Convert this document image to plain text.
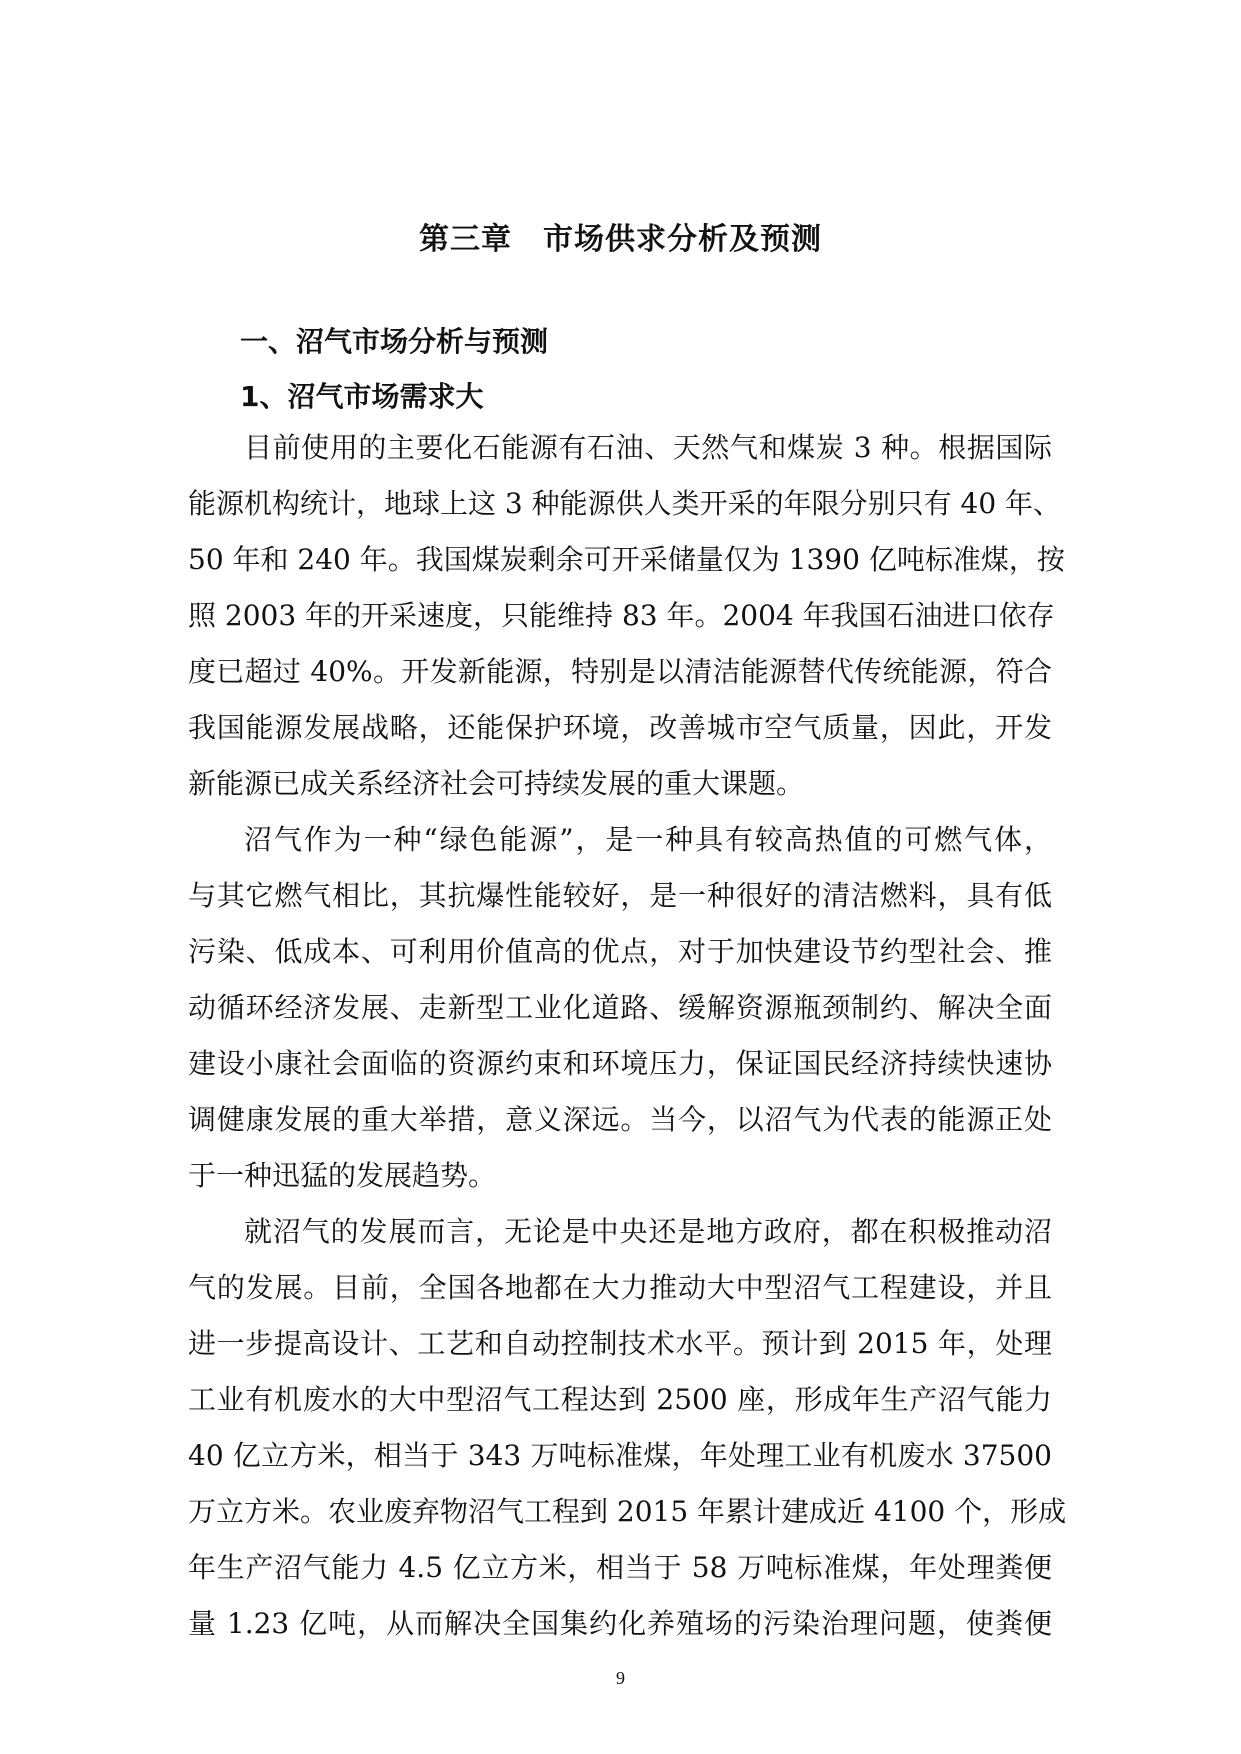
第三章　市场供求分析及预测
一、沼气市场分析与预测
1、沼气市场需求大

目前使用的主要化石能源有石油、天然气和煤炭 3 种。根据国际

能源机构统计，地球上这 3 种能源供人类开采的年限分别只有 40 年、

50 年和 240 年。我国煤炭剩余可开采储量仅为 1390 亿吨标准煤，按

照 2003 年的开采速度，只能维持 83 年。2004 年我国石油进口依存

度已超过 40%。开发新能源，特别是以清洁能源替代传统能源，符合

我国能源发展战略，还能保护环境，改善城市空气质量，因此，开发

新能源已成关系经济社会可持续发展的重大课题。

沼气作为一种“绿色能源”，是一种具有较高热值的可燃气体，

与其它燃气相比，其抗爆性能较好，是一种很好的清洁燃料，具有低

污染、低成本、可利用价值高的优点，对于加快建设节约型社会、推

动循环经济发展、走新型工业化道路、缓解资源瓶颈制约、解决全面

建设小康社会面临的资源约束和环境压力，保证国民经济持续快速协

调健康发展的重大举措，意义深远。当今，以沼气为代表的能源正处

于一种迅猛的发展趋势。

就沼气的发展而言，无论是中央还是地方政府，都在积极推动沼

气的发展。目前，全国各地都在大力推动大中型沼气工程建设，并且

进一步提高设计、工艺和自动控制技术水平。预计到 2015 年，处理

工业有机废水的大中型沼气工程达到 2500 座，形成年生产沼气能力

40 亿立方米，相当于 343 万吨标准煤，年处理工业有机废水 37500

万立方米。农业废弃物沼气工程到 2015 年累计建成近 4100 个，形成

年生产沼气能力 4.5 亿立方米，相当于 58 万吨标准煤，年处理粪便

量 1.23 亿吨，从而解决全国集约化养殖场的污染治理问题，使粪便

9
